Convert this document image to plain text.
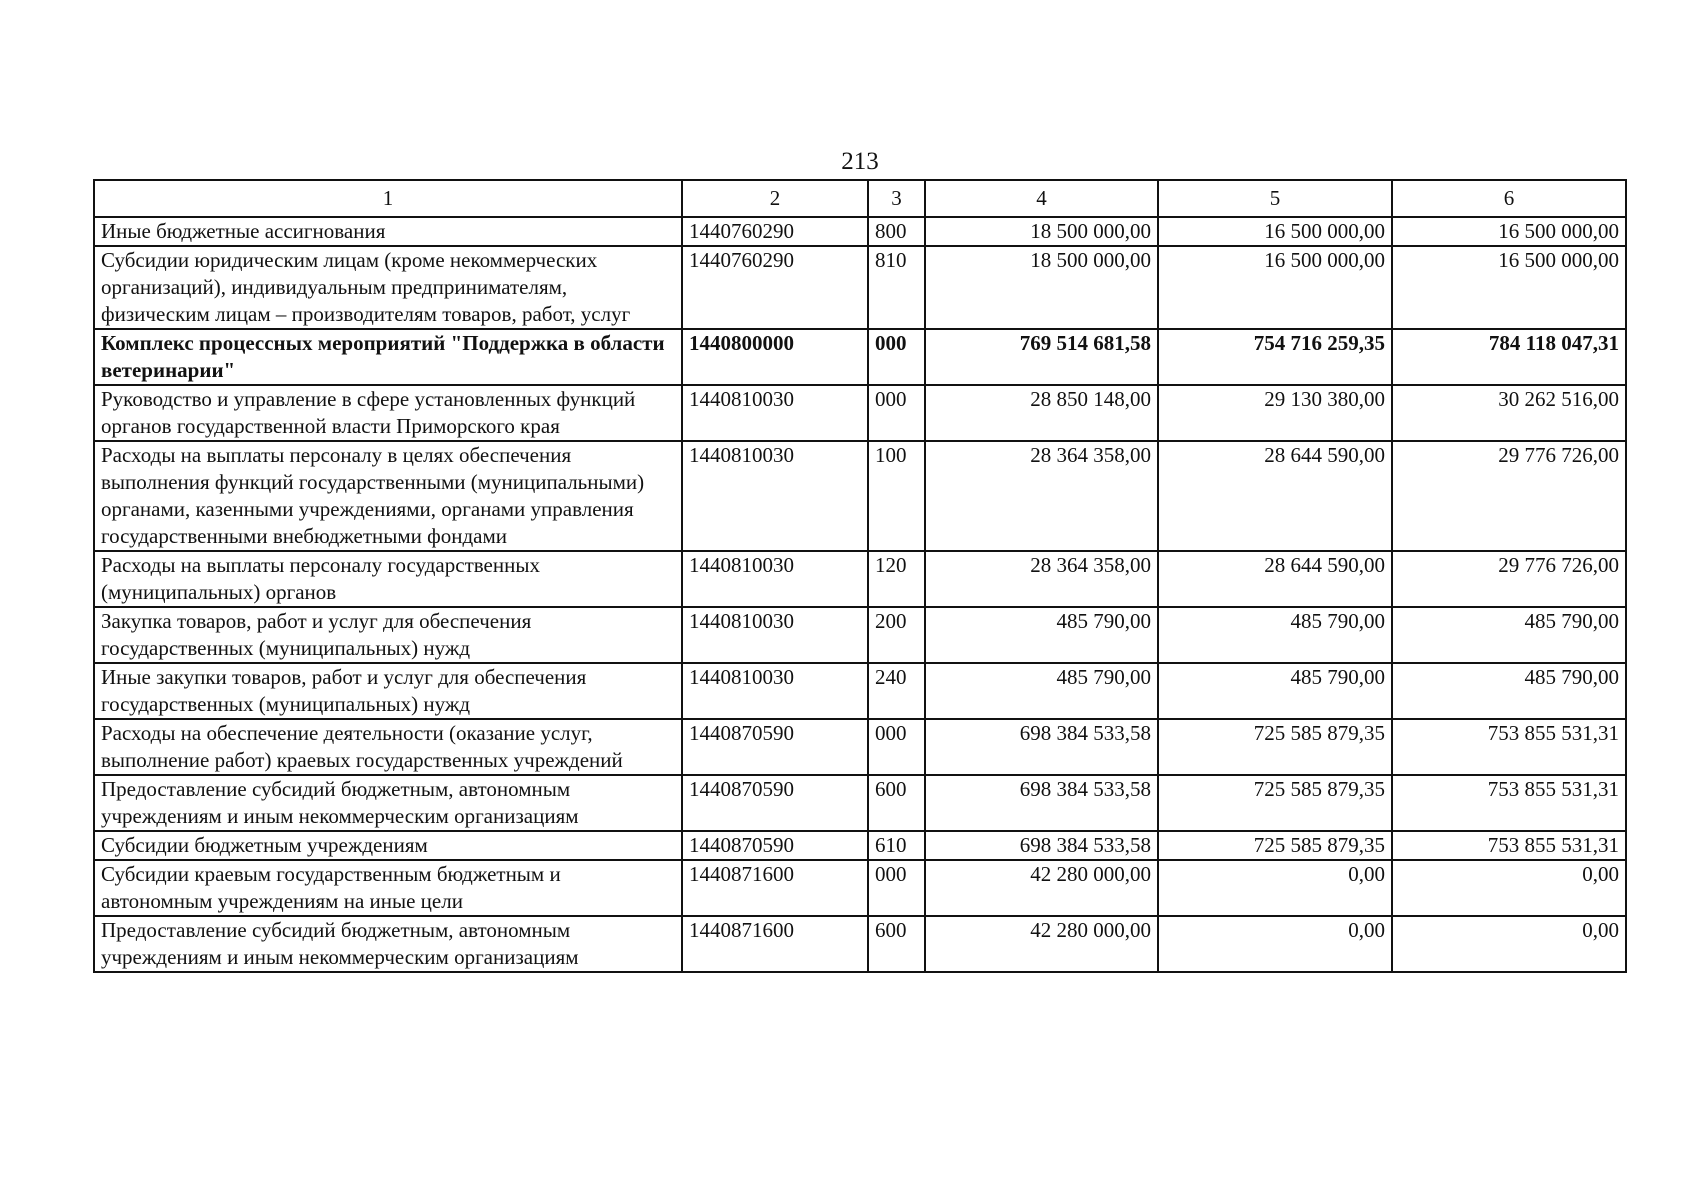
213
1	2	3	4	5	6
Иные бюджетные ассигнования	1440760290	800	18 500 000,00	16 500 000,00	16 500 000,00
Субсидии юридическим лицам (кроме некоммерческих организаций), индивидуальным предпринимателям, физическим лицам – производителям товаров, работ, услуг	1440760290	810	18 500 000,00	16 500 000,00	16 500 000,00
Комплекс процессных мероприятий "Поддержка в области ветеринарии"	1440800000	000	769 514 681,58	754 716 259,35	784 118 047,31
Руководство и управление в сфере установленных функций органов государственной власти Приморского края	1440810030	000	28 850 148,00	29 130 380,00	30 262 516,00
Расходы на выплаты персоналу в целях обеспечения выполнения функций государственными (муниципальными) органами, казенными учреждениями, органами управления государственными внебюджетными фондами	1440810030	100	28 364 358,00	28 644 590,00	29 776 726,00
Расходы на выплаты персоналу государственных (муниципальных) органов	1440810030	120	28 364 358,00	28 644 590,00	29 776 726,00
Закупка товаров, работ и услуг для обеспечения государственных (муниципальных) нужд	1440810030	200	485 790,00	485 790,00	485 790,00
Иные закупки товаров, работ и услуг для обеспечения государственных (муниципальных) нужд	1440810030	240	485 790,00	485 790,00	485 790,00
Расходы на обеспечение деятельности (оказание услуг, выполнение работ) краевых государственных учреждений	1440870590	000	698 384 533,58	725 585 879,35	753 855 531,31
Предоставление субсидий бюджетным, автономным учреждениям и иным некоммерческим организациям	1440870590	600	698 384 533,58	725 585 879,35	753 855 531,31
Субсидии бюджетным учреждениям	1440870590	610	698 384 533,58	725 585 879,35	753 855 531,31
Субсидии краевым государственным бюджетным и автономным учреждениям на иные цели	1440871600	000	42 280 000,00	0,00	0,00
Предоставление субсидий бюджетным, автономным учреждениям и иным некоммерческим организациям	1440871600	600	42 280 000,00	0,00	0,00
